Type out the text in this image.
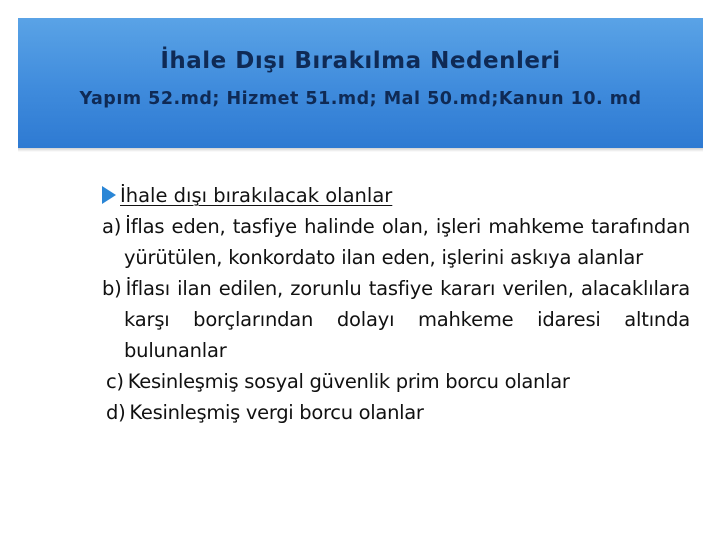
İhale Dışı Bırakılma Nedenleri
Yapım 52.md; Hizmet 51.md; Mal 50.md;Kanun 10. md
İhale dışı bırakılacak olanlar
a) İflas eden, tasfiye halinde olan, işleri mahkeme tarafından yürütülen, konkordato ilan eden, işlerini askıya alanlar
b) İflası ilan edilen, zorunlu tasfiye kararı verilen, alacaklılara karşı borçlarından dolayı mahkeme idaresi altında bulunanlar
c) Kesinleşmiş sosyal güvenlik prim borcu olanlar
d) Kesinleşmiş vergi borcu olanlar
